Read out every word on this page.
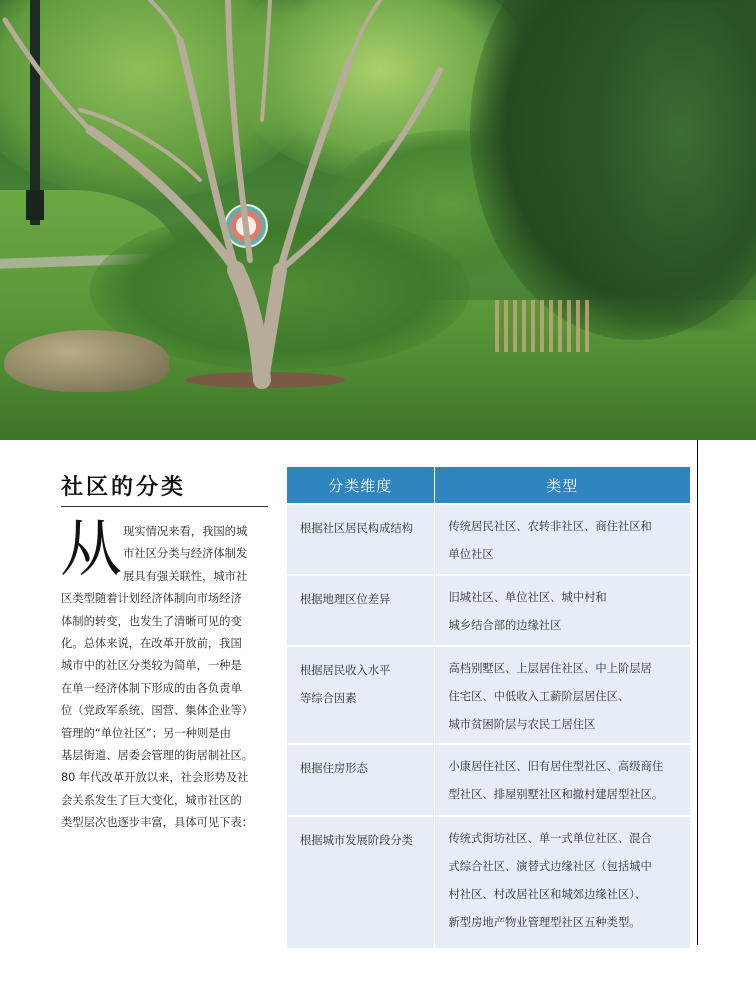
社区的分类
从 现实情况来看，我国的城
市社区分类与经济体制发
展具有强关联性，城市社
区类型随着计划经济体制向市场经济
体制的转变，也发生了清晰可见的变
化。总体来说，在改革开放前，我国
城市中的社区分类较为简单，一种是
在单一经济体制下形成的由各负责单
位（党政军系统、国营、集体企业等）
管理的“单位社区”；另一种则是由
基层街道、居委会管理的街居制社区。
80 年代改革开放以来，社会形势及社
会关系发生了巨大变化，城市社区的
类型层次也逐步丰富，具体可见下表：

分类维度	类型

根据社区居民构成结构	传统居民社区、农转非社区、商住社区和
单位社区

根据地理区位差异	旧城社区、单位社区、城中村和
城乡结合部的边缘社区

根据居民收入水平
等综合因素	高档别墅区、上层居住社区、中上阶层居
住宅区、中低收入工薪阶层居住区、
城市贫困阶层与农民工居住区

根据住房形态	小康居住社区、旧有居住型社区、高级商住
型社区、排屋别墅社区和撤村建居型社区。

根据城市发展阶段分类	传统式街坊社区、单一式单位社区、混合
式综合社区、演替式边缘社区（包括城中
村社区、村改居社区和城郊边缘社区）、
新型房地产物业管理型社区五种类型。
